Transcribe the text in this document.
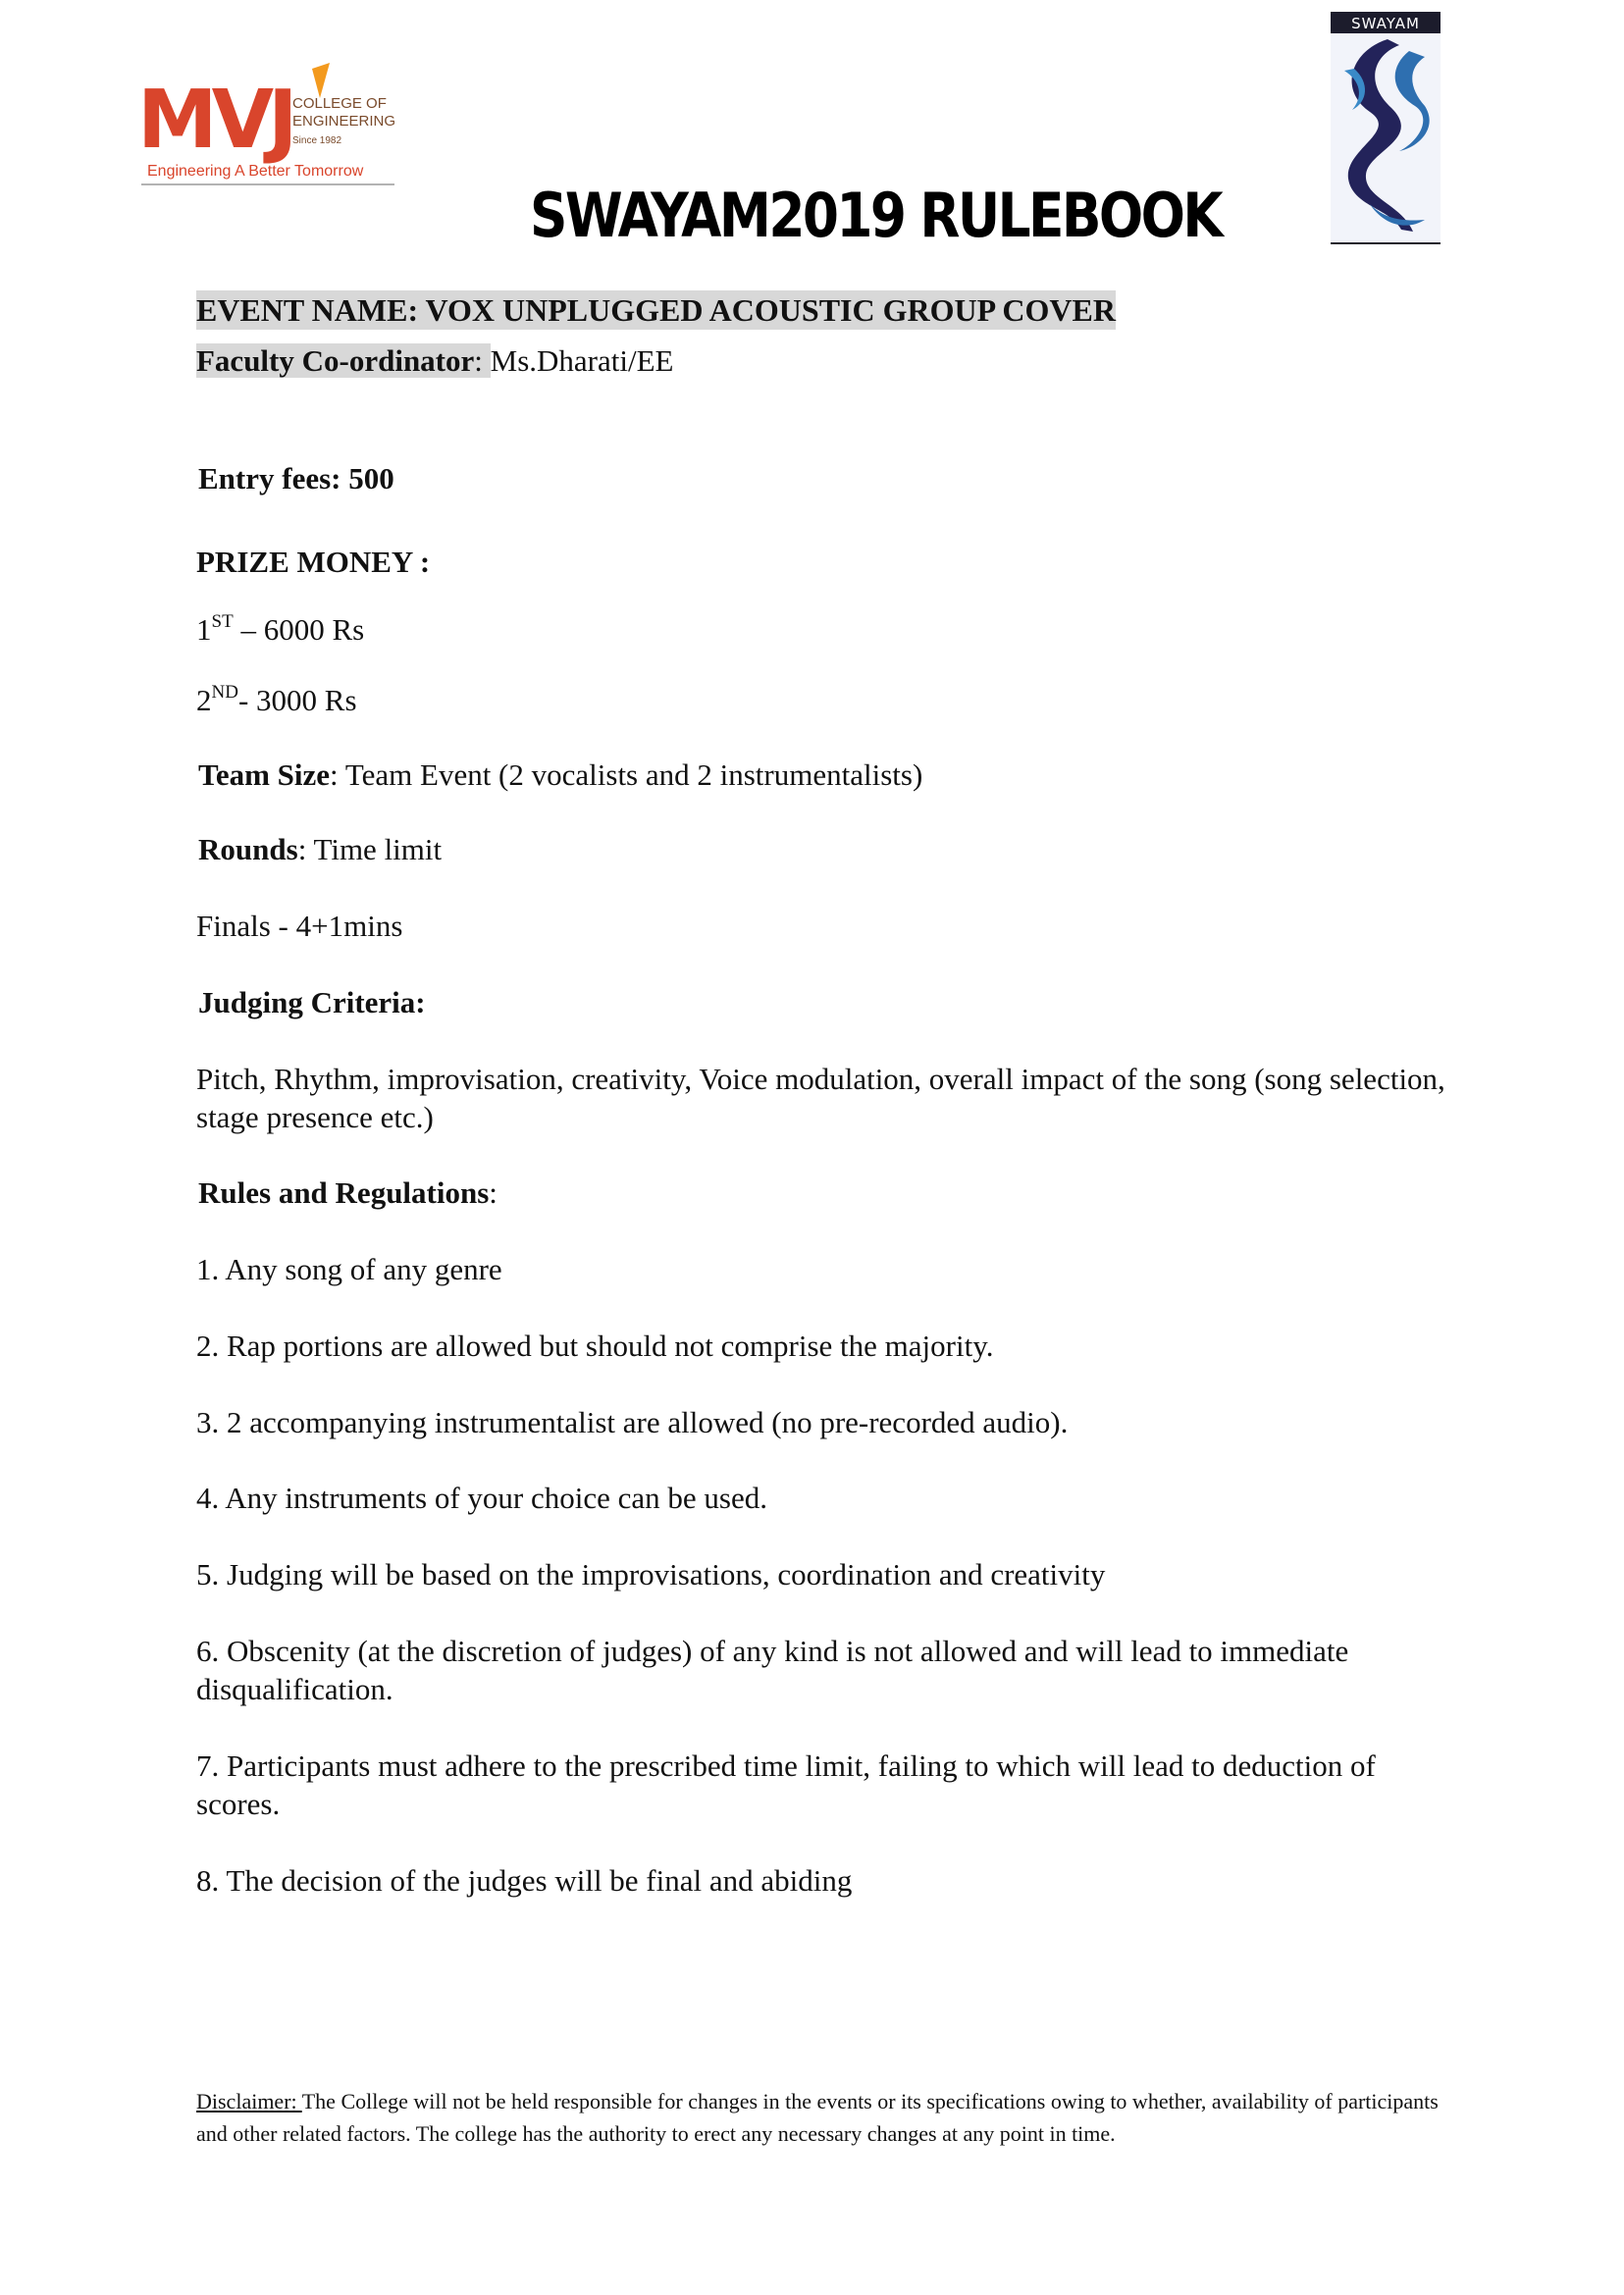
MVJ COLLEGE OF
ENGINEERING
Since 1982
Engineering A Better Tomorrow
SWAYAM
SWAYAM2019 RULEBOOK
EVENT NAME: VOX UNPLUGGED ACOUSTIC GROUP COVER
Faculty Co-ordinator: Ms.Dharati/EE
Entry fees: 500
PRIZE MONEY :
1ST – 6000 Rs
2ND- 3000 Rs
Team Size: Team Event (2 vocalists and 2 instrumentalists)
Rounds: Time limit
Finals - 4+1mins
Judging Criteria:
Pitch, Rhythm, improvisation, creativity, Voice modulation, overall impact of the song (song selection, stage presence etc.)
Rules and Regulations:
1. Any song of any genre
2. Rap portions are allowed but should not comprise the majority.
3. 2 accompanying instrumentalist are allowed (no pre-recorded audio).
4. Any instruments of your choice can be used.
5. Judging will be based on the improvisations, coordination and creativity
6. Obscenity (at the discretion of judges) of any kind is not allowed and will lead to immediate disqualification.
7. Participants must adhere to the prescribed time limit, failing to which will lead to deduction of scores.
8. The decision of the judges will be final and abiding
Disclaimer: The College will not be held responsible for changes in the events or its specifications owing to whether, availability of participants and other related factors. The college has the authority to erect any necessary changes at any point in time.
